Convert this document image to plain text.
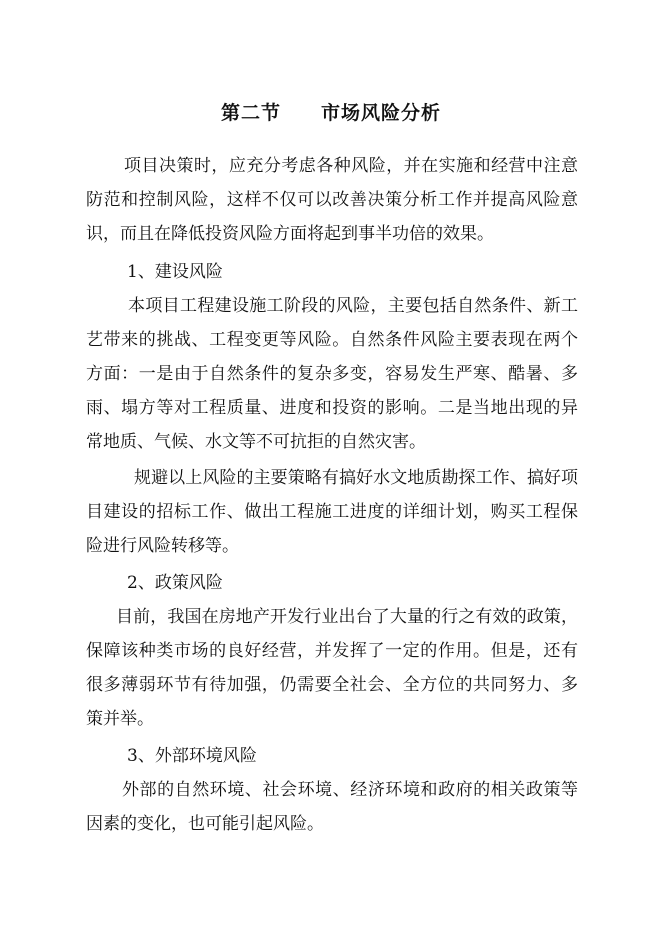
第二节 市场风险分析

项目决策时，应充分考虑各种风险，并在实施和经营中注意防范和控制风险，这样不仅可以改善决策分析工作并提高风险意识，而且在降低投资风险方面将起到事半功倍的效果。

1、建设风险

本项目工程建设施工阶段的风险，主要包括自然条件、新工艺带来的挑战、工程变更等风险。自然条件风险主要表现在两个方面：一是由于自然条件的复杂多变，容易发生严寒、酷暑、多雨、塌方等对工程质量、进度和投资的影响。二是当地出现的异常地质、气候、水文等不可抗拒的自然灾害。

规避以上风险的主要策略有搞好水文地质勘探工作、搞好项目建设的招标工作、做出工程施工进度的详细计划，购买工程保险进行风险转移等。

2、政策风险

目前，我国在房地产开发行业出台了大量的行之有效的政策，保障该种类市场的良好经营，并发挥了一定的作用。但是，还有很多薄弱环节有待加强，仍需要全社会、全方位的共同努力、多策并举。

3、外部环境风险

外部的自然环境、社会环境、经济环境和政府的相关政策等因素的变化，也可能引起风险。
